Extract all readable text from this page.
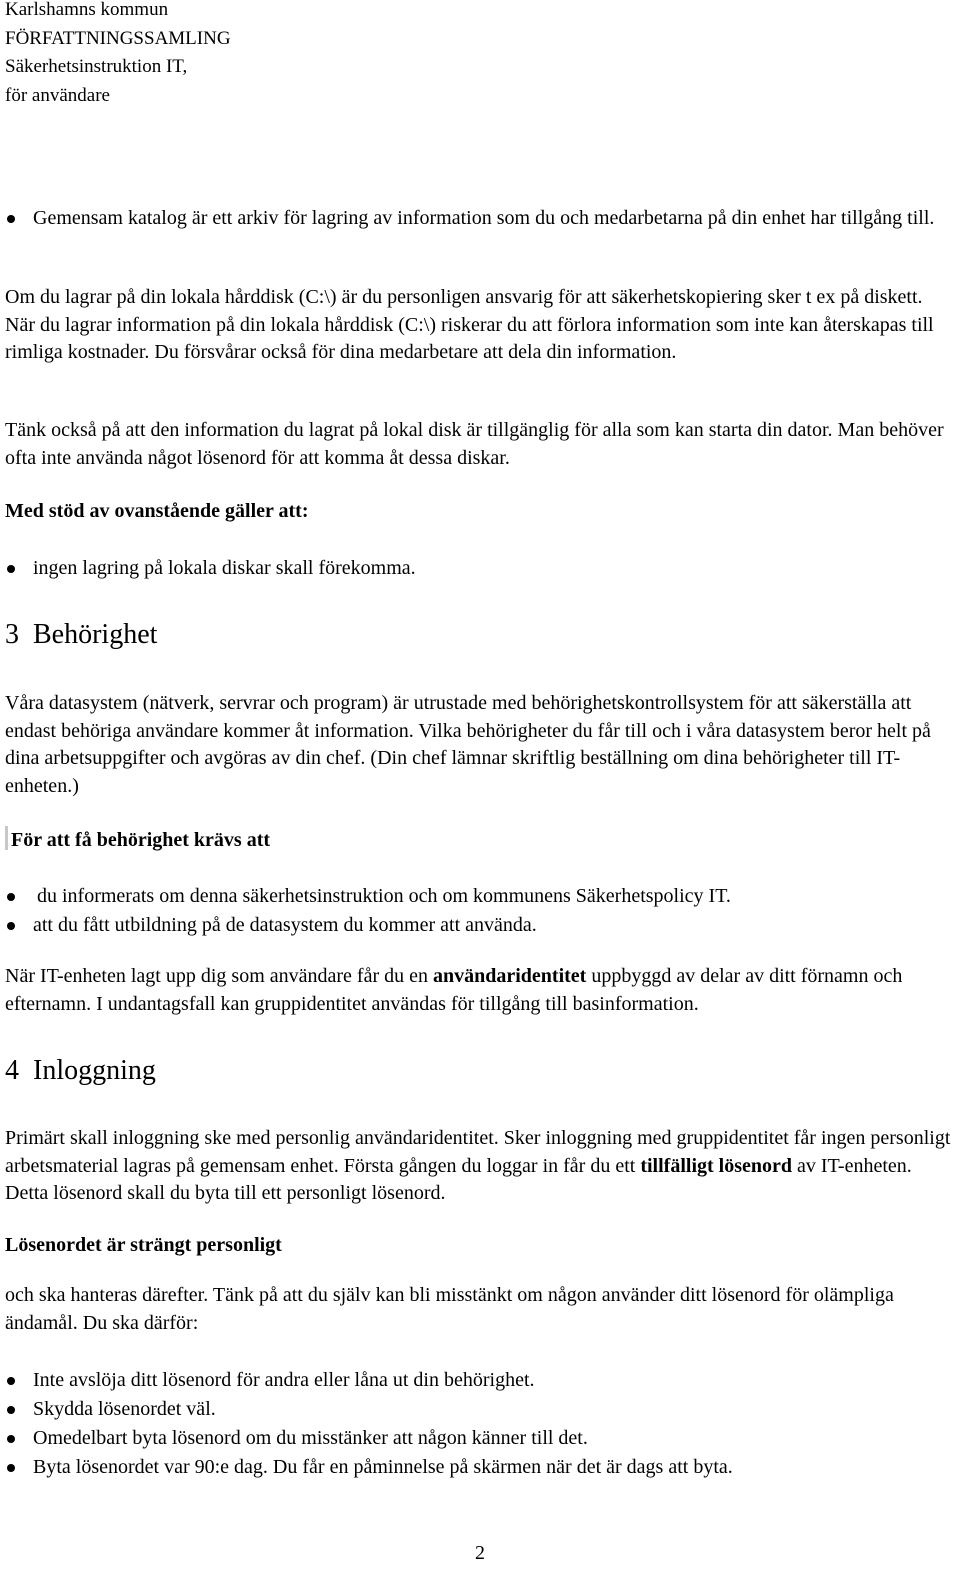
Karlshamns kommun
FÖRFATTNINGSSAMLING
Säkerhetsinstruktion IT,
för användare
Gemensam katalog är ett arkiv för lagring av information som du och medarbetarna på din enhet har tillgång till.

Om du lagrar på din lokala hårddisk (C:\) är du personligen ansvarig för att säkerhetskopiering sker t ex på diskett. När du lagrar information på din lokala hårddisk (C:\) riskerar du att förlora information som inte kan återskapas till rimliga kostnader. Du försvårar också för dina medarbetare att dela din information.

Tänk också på att den information du lagrat på lokal disk är tillgänglig för alla som kan starta din dator. Man behöver ofta inte använda något lösenord för att komma åt dessa diskar.

Med stöd av ovanstående gäller att:

ingen lagring på lokala diskar skall förekomma.
3 Behörighet

Våra datasystem (nätverk, servrar och program) är utrustade med behörighetskontrollsystem för att säkerställa att endast behöriga användare kommer åt information. Vilka behörigheter du får till och i våra datasystem beror helt på dina arbetsuppgifter och avgöras av din chef. (Din chef lämnar skriftlig beställning om dina behörigheter till IT-enheten.)

För att få behörighet krävs att

du informerats om denna säkerhetsinstruktion och om kommunens Säkerhetspolicy IT.
att du fått utbildning på de datasystem du kommer att använda.

När IT-enheten lagt upp dig som användare får du en användaridentitet uppbyggd av delar av ditt förnamn och efternamn. I undantagsfall kan gruppidentitet användas för tillgång till basinformation.

4 Inloggning

Primärt skall inloggning ske med personlig användaridentitet. Sker inloggning med gruppidentitet får ingen personligt arbetsmaterial lagras på gemensam enhet. Första gången du loggar in får du ett tillfälligt lösenord av IT-enheten. Detta lösenord skall du byta till ett personligt lösenord.

Lösenordet är strängt personligt

och ska hanteras därefter. Tänk på att du själv kan bli misstänkt om någon använder ditt lösenord för olämpliga ändamål. Du ska därför:

Inte avslöja ditt lösenord för andra eller låna ut din behörighet.
Skydda lösenordet väl.
Omedelbart byta lösenord om du misstänker att någon känner till det.
Byta lösenordet var 90:e dag. Du får en påminnelse på skärmen när det är dags att byta.
2
